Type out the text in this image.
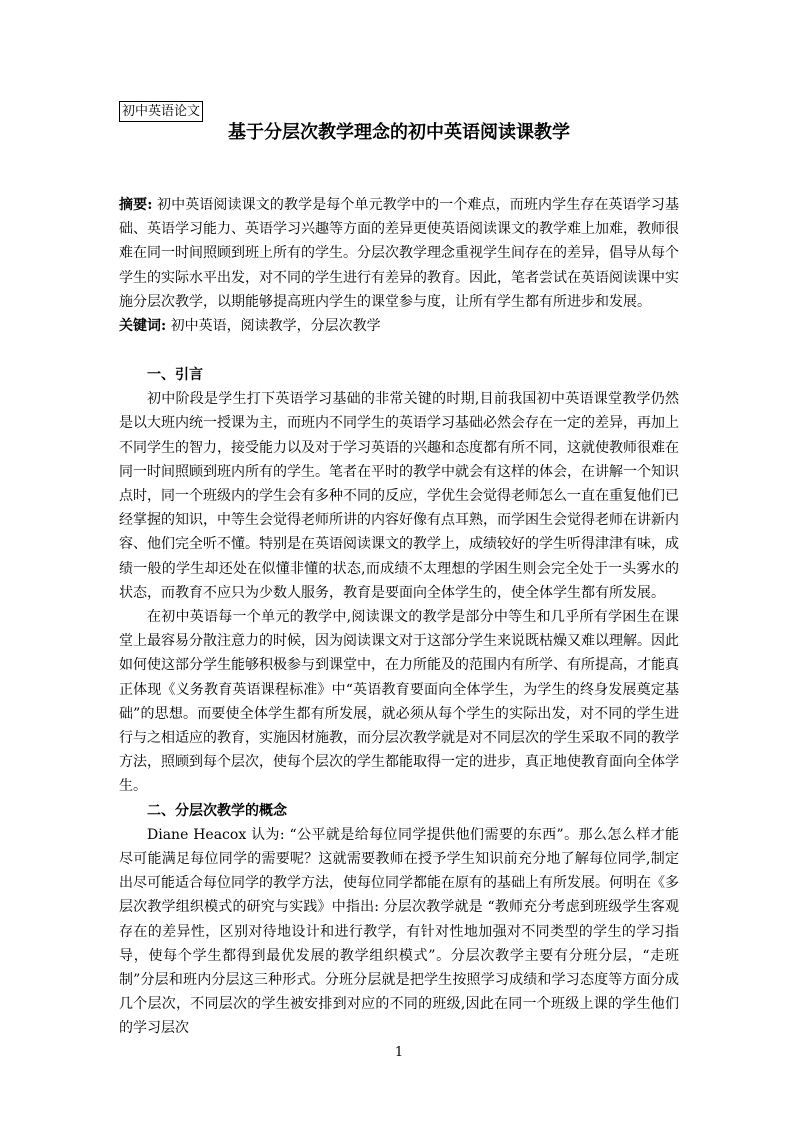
初中英语论文
基于分层次教学理念的初中英语阅读课教学

摘要: 初中英语阅读课文的教学是每个单元教学中的一个难点，而班内学生存在英语学习基础、英语学习能力、英语学习兴趣等方面的差异更使英语阅读课文的教学难上加难，教师很难在同一时间照顾到班上所有的学生。分层次教学理念重视学生间存在的差异，倡导从每个学生的实际水平出发，对不同的学生进行有差异的教育。因此，笔者尝试在英语阅读课中实施分层次教学，以期能够提高班内学生的课堂参与度，让所有学生都有所进步和发展。

关键词: 初中英语，阅读教学，分层次教学

一、引言

初中阶段是学生打下英语学习基础的非常关键的时期,目前我国初中英语课堂教学仍然是以大班内统一授课为主，而班内不同学生的英语学习基础必然会存在一定的差异，再加上不同学生的智力，接受能力以及对于学习英语的兴趣和态度都有所不同，这就使教师很难在同一时间照顾到班内所有的学生。笔者在平时的教学中就会有这样的体会，在讲解一个知识点时，同一个班级内的学生会有多种不同的反应，学优生会觉得老师怎么一直在重复他们已经掌握的知识，中等生会觉得老师所讲的内容好像有点耳熟，而学困生会觉得老师在讲新内容、他们完全听不懂。特别是在英语阅读课文的教学上，成绩较好的学生听得津津有味，成绩一般的学生却还处在似懂非懂的状态,而成绩不太理想的学困生则会完全处于一头雾水的状态，而教育不应只为少数人服务，教育是要面向全体学生的，使全体学生都有所发展。

在初中英语每一个单元的教学中,阅读课文的教学是部分中等生和几乎所有学困生在课堂上最容易分散注意力的时候，因为阅读课文对于这部分学生来说既枯燥又难以理解。因此如何使这部分学生能够积极参与到课堂中，在力所能及的范围内有所学、有所提高，才能真正体现《义务教育英语课程标准》中“英语教育要面向全体学生，为学生的终身发展奠定基础”的思想。而要使全体学生都有所发展，就必须从每个学生的实际出发，对不同的学生进行与之相适应的教育，实施因材施教，而分层次教学就是对不同层次的学生采取不同的教学方法，照顾到每个层次，使每个层次的学生都能取得一定的进步，真正地使教育面向全体学生。

二、分层次教学的概念

Diane Heacox 认为: “公平就是给每位同学提供他们需要的东西”。那么怎么样才能尽可能满足每位同学的需要呢？这就需要教师在授予学生知识前充分地了解每位同学,制定出尽可能适合每位同学的教学方法，使每位同学都能在原有的基础上有所发展。何明在《多层次教学组织模式的研究与实践》中指出: 分层次教学就是 “教师充分考虑到班级学生客观存在的差异性，区别对待地设计和进行教学，有针对性地加强对不同类型的学生的学习指导，使每个学生都得到最优发展的教学组织模式”。分层次教学主要有分班分层，“走班制”分层和班内分层这三种形式。分班分层就是把学生按照学习成绩和学习态度等方面分成几个层次，不同层次的学生被安排到对应的不同的班级,因此在同一个班级上课的学生他们的学习层次

1
